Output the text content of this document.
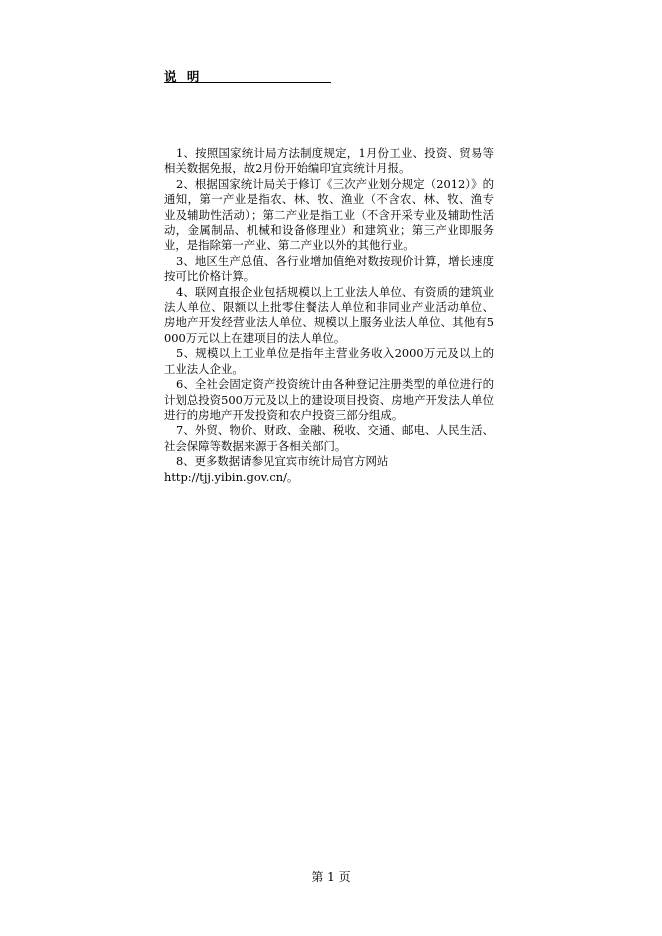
说 明

1、按照国家统计局方法制度规定，1月份工业、投资、贸易等相关数据免报，故2月份开始编印宜宾统计月报。

2、根据国家统计局关于修订《三次产业划分规定（2012）》的通知，第一产业是指农、林、牧、渔业（不含农、林、牧、渔专业及辅助性活动）；第二产业是指工业（不含开采专业及辅助性活动，金属制品、机械和设备修理业）和建筑业；第三产业即服务业，是指除第一产业、第二产业以外的其他行业。

3、地区生产总值、各行业增加值绝对数按现价计算，增长速度按可比价格计算。

4、联网直报企业包括规模以上工业法人单位、有资质的建筑业法人单位、限额以上批零住餐法人单位和非同业产业活动单位、房地产开发经营业法人单位、规模以上服务业法人单位、其他有5000万元以上在建项目的法人单位。

5、规模以上工业单位是指年主营业务收入2000万元及以上的工业法人企业。

6、全社会固定资产投资统计由各种登记注册类型的单位进行的计划总投资500万元及以上的建设项目投资、房地产开发法人单位进行的房地产开发投资和农户投资三部分组成。

7、外贸、物价、财政、金融、税收、交通、邮电、人民生活、社会保障等数据来源于各相关部门。

8、更多数据请参见宜宾市统计局官方网站

http://tjj.yibin.gov.cn/。

第 1 页
